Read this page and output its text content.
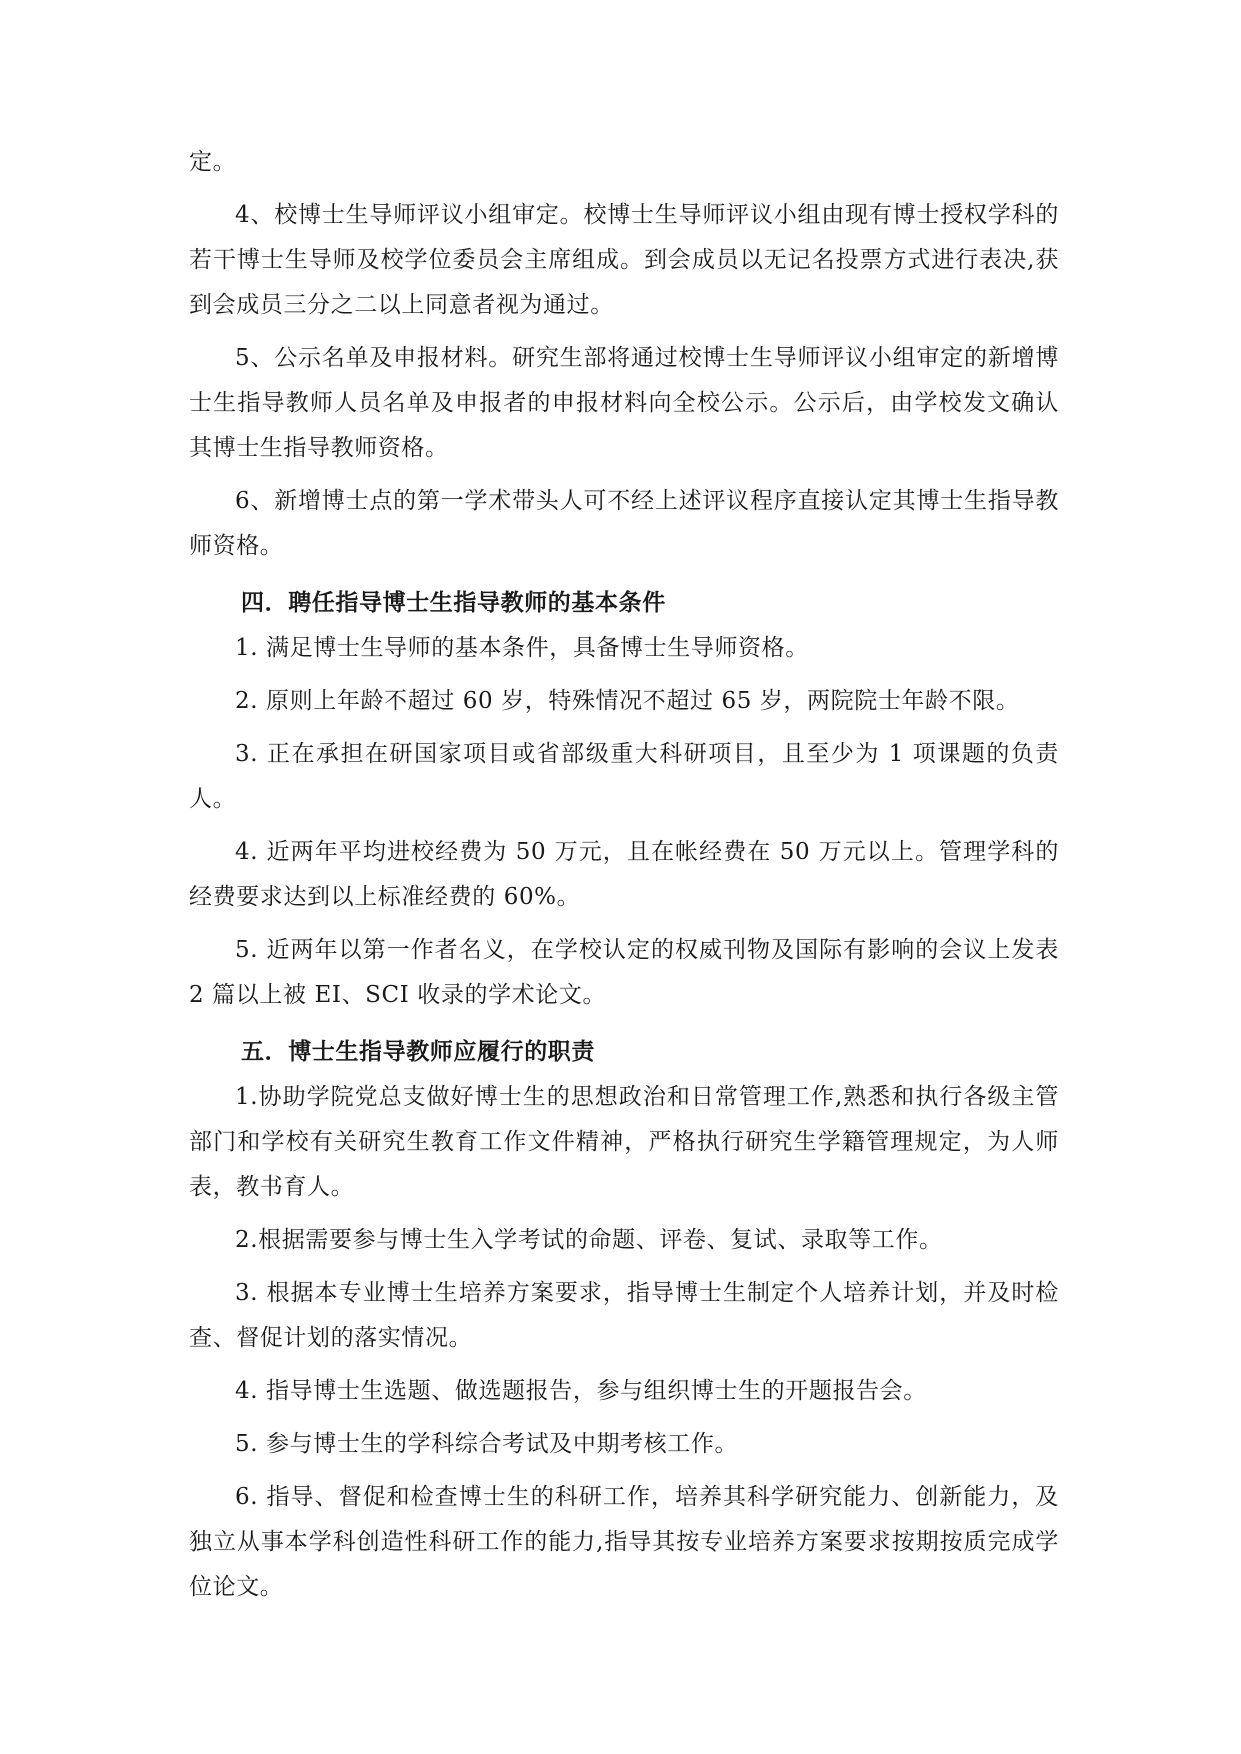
定。

4、校博士生导师评议小组审定。校博士生导师评议小组由现有博士授权学科的若干博士生导师及校学位委员会主席组成。到会成员以无记名投票方式进行表决,获到会成员三分之二以上同意者视为通过。

5、公示名单及申报材料。研究生部将通过校博士生导师评议小组审定的新增博士生指导教师人员名单及申报者的申报材料向全校公示。公示后，由学校发文确认其博士生指导教师资格。

6、新增博士点的第一学术带头人可不经上述评议程序直接认定其博士生指导教师资格。

四．聘任指导博士生指导教师的基本条件

1. 满足博士生导师的基本条件，具备博士生导师资格。

2. 原则上年龄不超过 60 岁，特殊情况不超过 65 岁，两院院士年龄不限。

3. 正在承担在研国家项目或省部级重大科研项目，且至少为 1 项课题的负责人。

4. 近两年平均进校经费为 50 万元，且在帐经费在 50 万元以上。管理学科的经费要求达到以上标准经费的 60%。

5. 近两年以第一作者名义，在学校认定的权威刊物及国际有影响的会议上发表 2 篇以上被 EI、SCI 收录的学术论文。

五．博士生指导教师应履行的职责

1.协助学院党总支做好博士生的思想政治和日常管理工作,熟悉和执行各级主管部门和学校有关研究生教育工作文件精神，严格执行研究生学籍管理规定，为人师表，教书育人。

2.根据需要参与博士生入学考试的命题、评卷、复试、录取等工作。

3. 根据本专业博士生培养方案要求，指导博士生制定个人培养计划，并及时检查、督促计划的落实情况。

4. 指导博士生选题、做选题报告，参与组织博士生的开题报告会。

5. 参与博士生的学科综合考试及中期考核工作。

6. 指导、督促和检查博士生的科研工作，培养其科学研究能力、创新能力，及独立从事本学科创造性科研工作的能力,指导其按专业培养方案要求按期按质完成学位论文。
